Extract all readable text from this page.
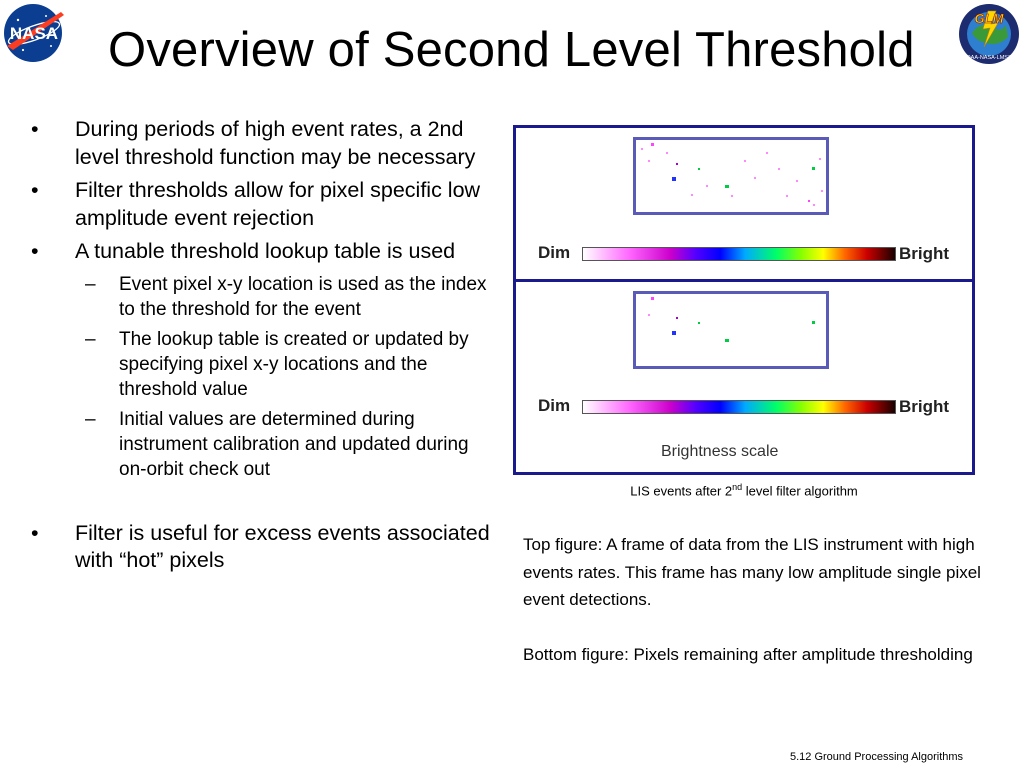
NASA
GLM
NOAA-NASA-LMSSC
Overview of Second Level Threshold
• During periods of high event rates, a 2nd level threshold function may be necessary
• Filter thresholds allow for pixel specific low amplitude event rejection
• A tunable threshold lookup table is used
– Event pixel x-y location is used as the index to the threshold for the event
– The lookup table is created or updated by specifying pixel x-y locations and the threshold value
– Initial values are determined during instrument calibration and updated during on-orbit check out
• Filter is useful for excess events associated with “hot” pixels
Dim	Bright
Dim	Bright
Brightness scale
LIS events after 2nd level filter algorithm

Top figure: A frame of data from the LIS instrument with high events rates. This frame has many low amplitude single pixel event detections.

Bottom figure: Pixels remaining after amplitude thresholding

5.12 Ground Processing Algorithms
